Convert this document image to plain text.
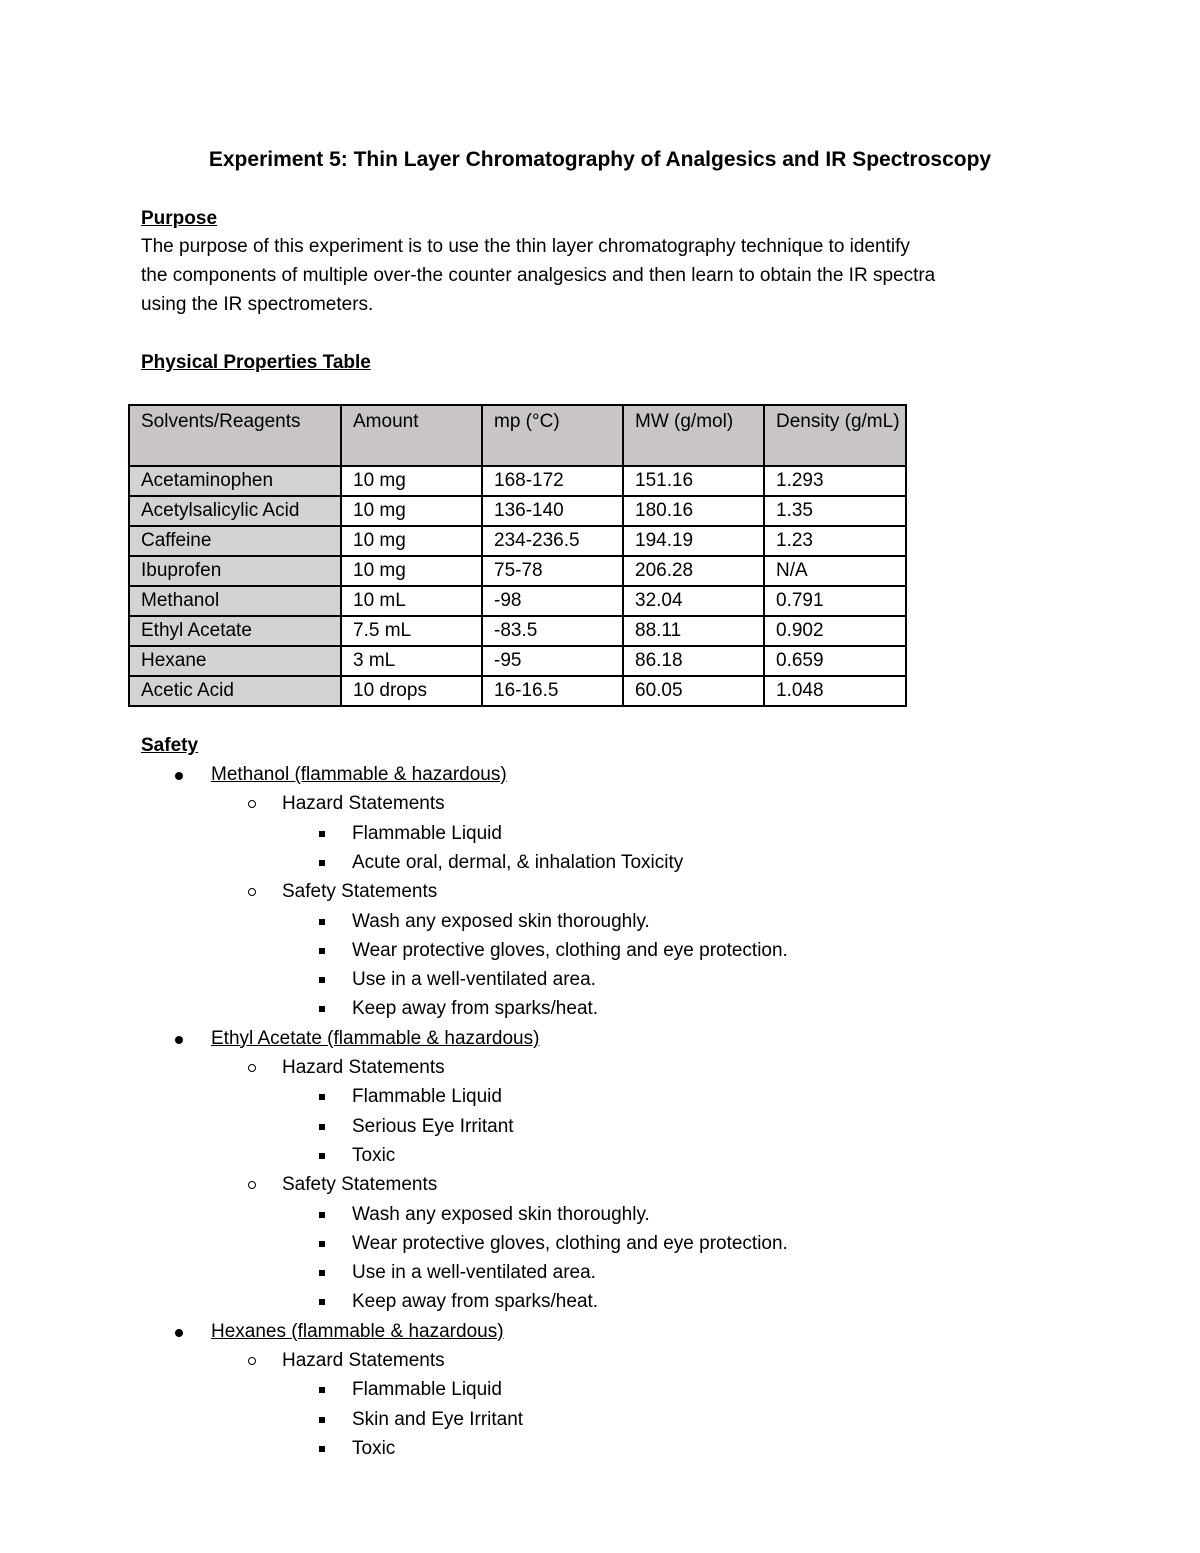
Experiment 5: Thin Layer Chromatography of Analgesics and IR Spectroscopy
Purpose
The purpose of this experiment is to use the thin layer chromatography technique to identify
the components of multiple over-the counter analgesics and then learn to obtain the IR spectra
using the IR spectrometers.
Physical Properties Table
Solvents/Reagents	Amount	mp (°C)	MW (g/mol)	Density (g/mL)
Acetaminophen	10 mg	168-172	151.16	1.293
Acetylsalicylic Acid	10 mg	136-140	180.16	1.35
Caffeine	10 mg	234-236.5	194.19	1.23
Ibuprofen	10 mg	75-78	206.28	N/A
Methanol	10 mL	-98	32.04	0.791
Ethyl Acetate	7.5 mL	-83.5	88.11	0.902
Hexane	3 mL	-95	86.18	0.659
Acetic Acid	10 drops	16-16.5	60.05	1.048
Safety
Methanol (flammable & hazardous)
Hazard Statements
Flammable Liquid
Acute oral, dermal, & inhalation Toxicity
Safety Statements
Wash any exposed skin thoroughly.
Wear protective gloves, clothing and eye protection.
Use in a well-ventilated area.
Keep away from sparks/heat.
Ethyl Acetate (flammable & hazardous)
Hazard Statements
Flammable Liquid
Serious Eye Irritant
Toxic
Safety Statements
Wash any exposed skin thoroughly.
Wear protective gloves, clothing and eye protection.
Use in a well-ventilated area.
Keep away from sparks/heat.
Hexanes (flammable & hazardous)
Hazard Statements
Flammable Liquid
Skin and Eye Irritant
Toxic
